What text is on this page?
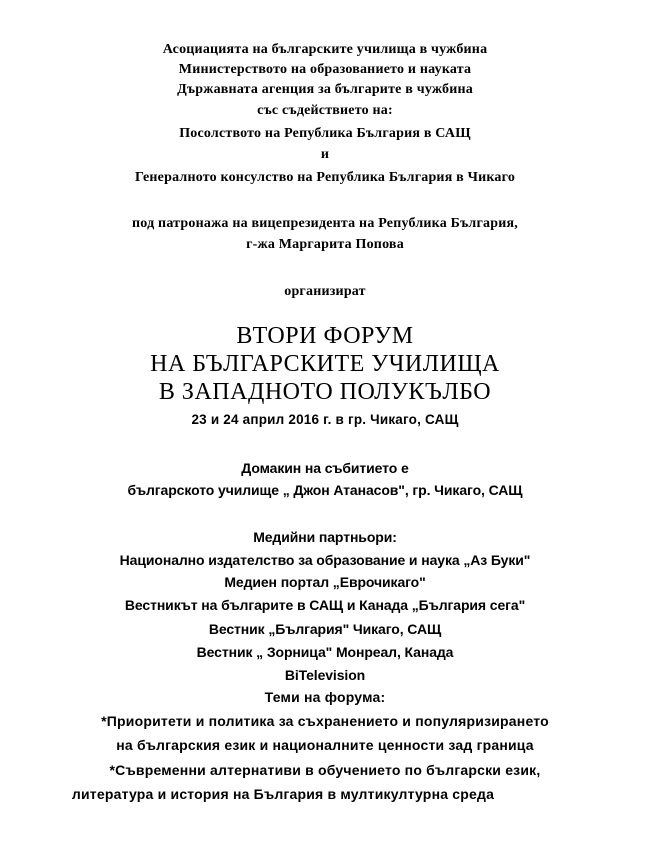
Асоциацията на българските училища в чужбина
Министерството на образованието и науката
Държавната агенция за българите в чужбина
със съдействието на:
Посолството на Република България в САЩ
и
Генералното консулство на Република България в Чикаго
под патронажа на вицепрезидента на Република България,
г-жа Маргарита Попова
организират
ВТОРИ ФОРУМ
НА БЪЛГАРСКИТЕ УЧИЛИЩА
В ЗАПАДНОТО ПОЛУКЪЛБО
23 и 24 април 2016 г. в гр. Чикаго, САЩ
Домакин на събитието е
българското училище „ Джон Атанасов", гр. Чикаго, САЩ
Медийни партньори:
Национално издателство за образование и наука „Аз Буки"
Медиен портал „Еврочикаго"
Вестникът на българите в САЩ и Канада „България сега"
Вестник „България" Чикаго, САЩ
Вестник „ Зорница" Монреал, Канада
BiTelevision
Теми на форума:
*Приоритети и политика за съхранението и популяризирането
на българския език и националните ценности зад граница
*Съвременни алтернативи в обучението по български език,
литература и история на България в мултикултурна среда
